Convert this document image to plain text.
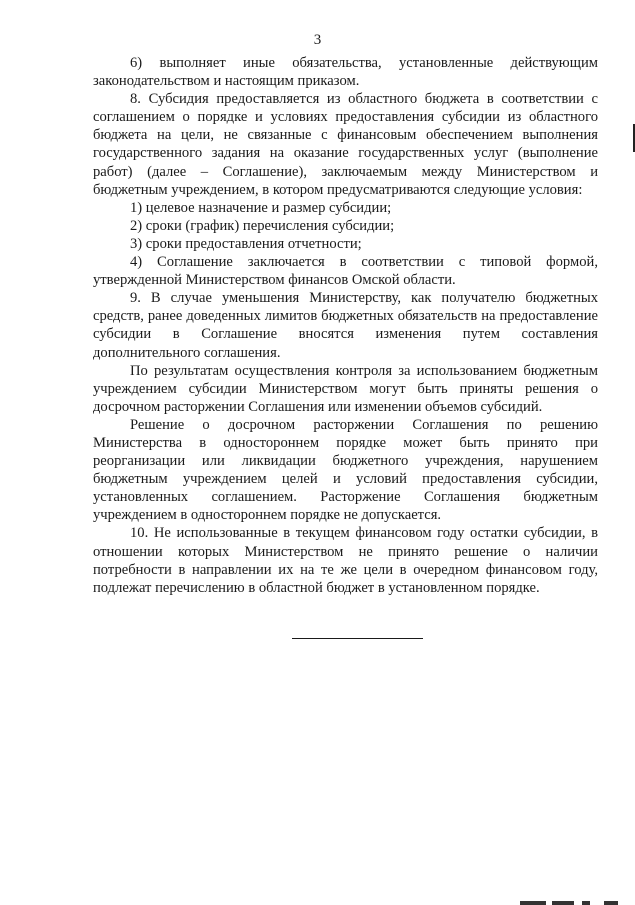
3

6) выполняет иные обязательства, установленные действующим законодательством и настоящим приказом.

8. Субсидия предоставляется из областного бюджета в соответствии с соглашением о порядке и условиях предоставления субсидии из областного бюджета на цели, не связанные с финансовым обеспечением выполнения государственного задания на оказание государственных услуг (выполнение работ) (далее – Соглашение), заключаемым между Министерством и бюджетным учреждением, в котором предусматриваются следующие условия:

1) целевое назначение и размер субсидии;

2) сроки (график) перечисления субсидии;

3) сроки предоставления отчетности;

4) Соглашение заключается в соответствии с типовой формой, утвержденной Министерством финансов Омской области.

9. В случае уменьшения Министерству, как получателю бюджетных средств, ранее доведенных лимитов бюджетных обязательств на предоставление субсидии в Соглашение вносятся изменения путем составления дополнительного соглашения.

По результатам осуществления контроля за использованием бюджетным учреждением субсидии Министерством могут быть приняты решения о досрочном расторжении Соглашения или изменении объемов субсидий.

Решение о досрочном расторжении Соглашения по решению Министерства в одностороннем порядке может быть принято при реорганизации или ликвидации бюджетного учреждения, нарушением бюджетным учреждением целей и условий предоставления субсидии, установленных соглашением. Расторжение Соглашения бюджетным учреждением в одностороннем порядке не допускается.

10. Не использованные в текущем финансовом году остатки субсидии, в отношении которых Министерством не принято решение о наличии потребности в направлении их на те же цели в очередном финансовом году, подлежат перечислению в областной бюджет в установленном порядке.
